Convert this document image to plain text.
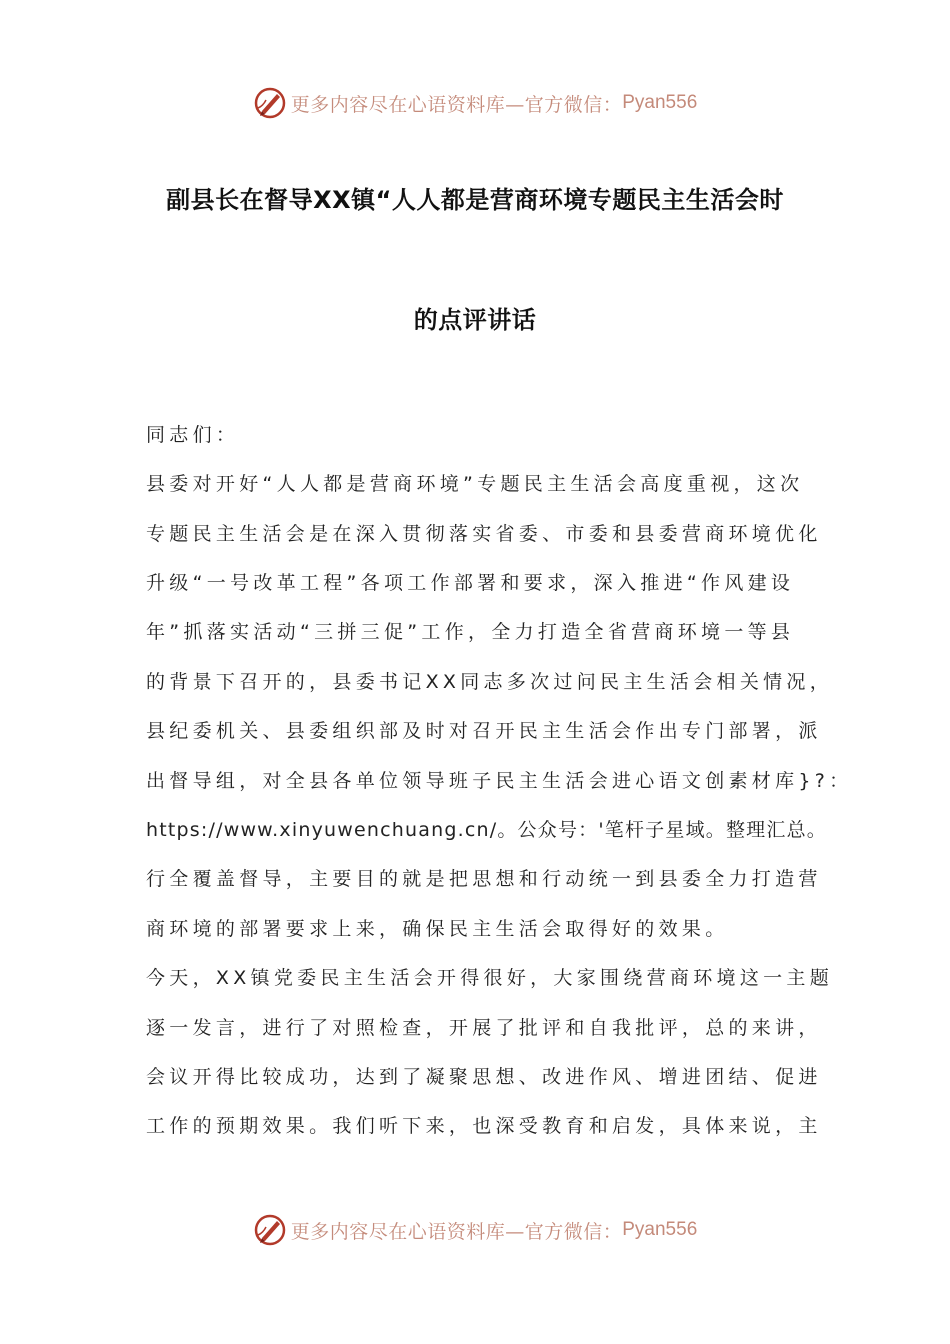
更多内容尽在心语资料库—官方微信： Pyan556
副县长在督导XX镇“人人都是营商环境专题民主生活会时
的点评讲话
同志们：
县委对开好“人人都是营商环境”专题民主生活会高度重视，这次
专题民主生活会是在深入贯彻落实省委、市委和县委营商环境优化
升级“一号改革工程”各项工作部署和要求，深入推进“作风建设
年”抓落实活动“三拼三促”工作，全力打造全省营商环境一等县
的背景下召开的，县委书记XX同志多次过问民主生活会相关情况，
县纪委机关、县委组织部及时对召开民主生活会作出专门部署，派
出督导组，对全县各单位领导班子民主生活会进心语文创素材库}?：
https://www.xinyuwenchuang.cn/。公众号：'笔杆子星域。整理汇总。
行全覆盖督导，主要目的就是把思想和行动统一到县委全力打造营
商环境的部署要求上来，确保民主生活会取得好的效果。
今天，XX镇党委民主生活会开得很好，大家围绕营商环境这一主题
逐一发言，进行了对照检查，开展了批评和自我批评，总的来讲，
会议开得比较成功，达到了凝聚思想、改进作风、增进团结、促进
工作的预期效果。我们听下来，也深受教育和启发，具体来说，主
更多内容尽在心语资料库—官方微信： Pyan556
